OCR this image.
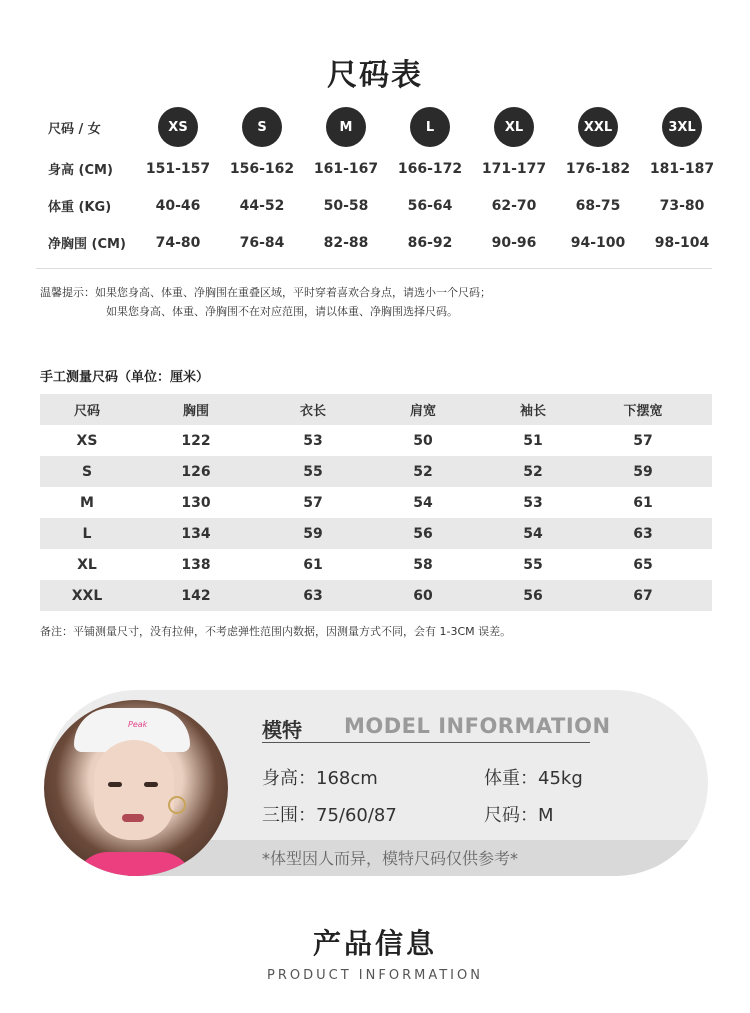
尺码表
尺码 / 女	XS	S	M	L	XL	XXL	3XL
身高 (CM)	151-157	156-162	161-167	166-172	171-177	176-182	181-187
体重 (KG)	40-46	44-52	50-58	56-64	62-70	68-75	73-80
净胸围 (CM)	74-80	76-84	82-88	86-92	90-96	94-100	98-104
温馨提示：如果您身高、体重、净胸围在重叠区域，平时穿着喜欢合身点，请选小一个尺码；
如果您身高、体重、净胸围不在对应范围，请以体重、净胸围选择尺码。
手工测量尺码（单位：厘米）
尺码	胸围	衣长	肩宽	袖长	下摆宽
XS	122	53	50	51	57
S	126	55	52	52	59
M	130	57	54	53	61
L	134	59	56	54	63
XL	138	61	58	55	65
XXL	142	63	60	56	67
备注：平铺测量尺寸，没有拉伸，不考虑弹性范围内数据，因测量方式不同，会有 1-3CM 误差。
Peak	模特 MODEL INFORMATION
身高：168cm	体重：45kg
三围：75/60/87	尺码：M
*体型因人而异，模特尺码仅供参考*
产品信息
PRODUCT INFORMATION
